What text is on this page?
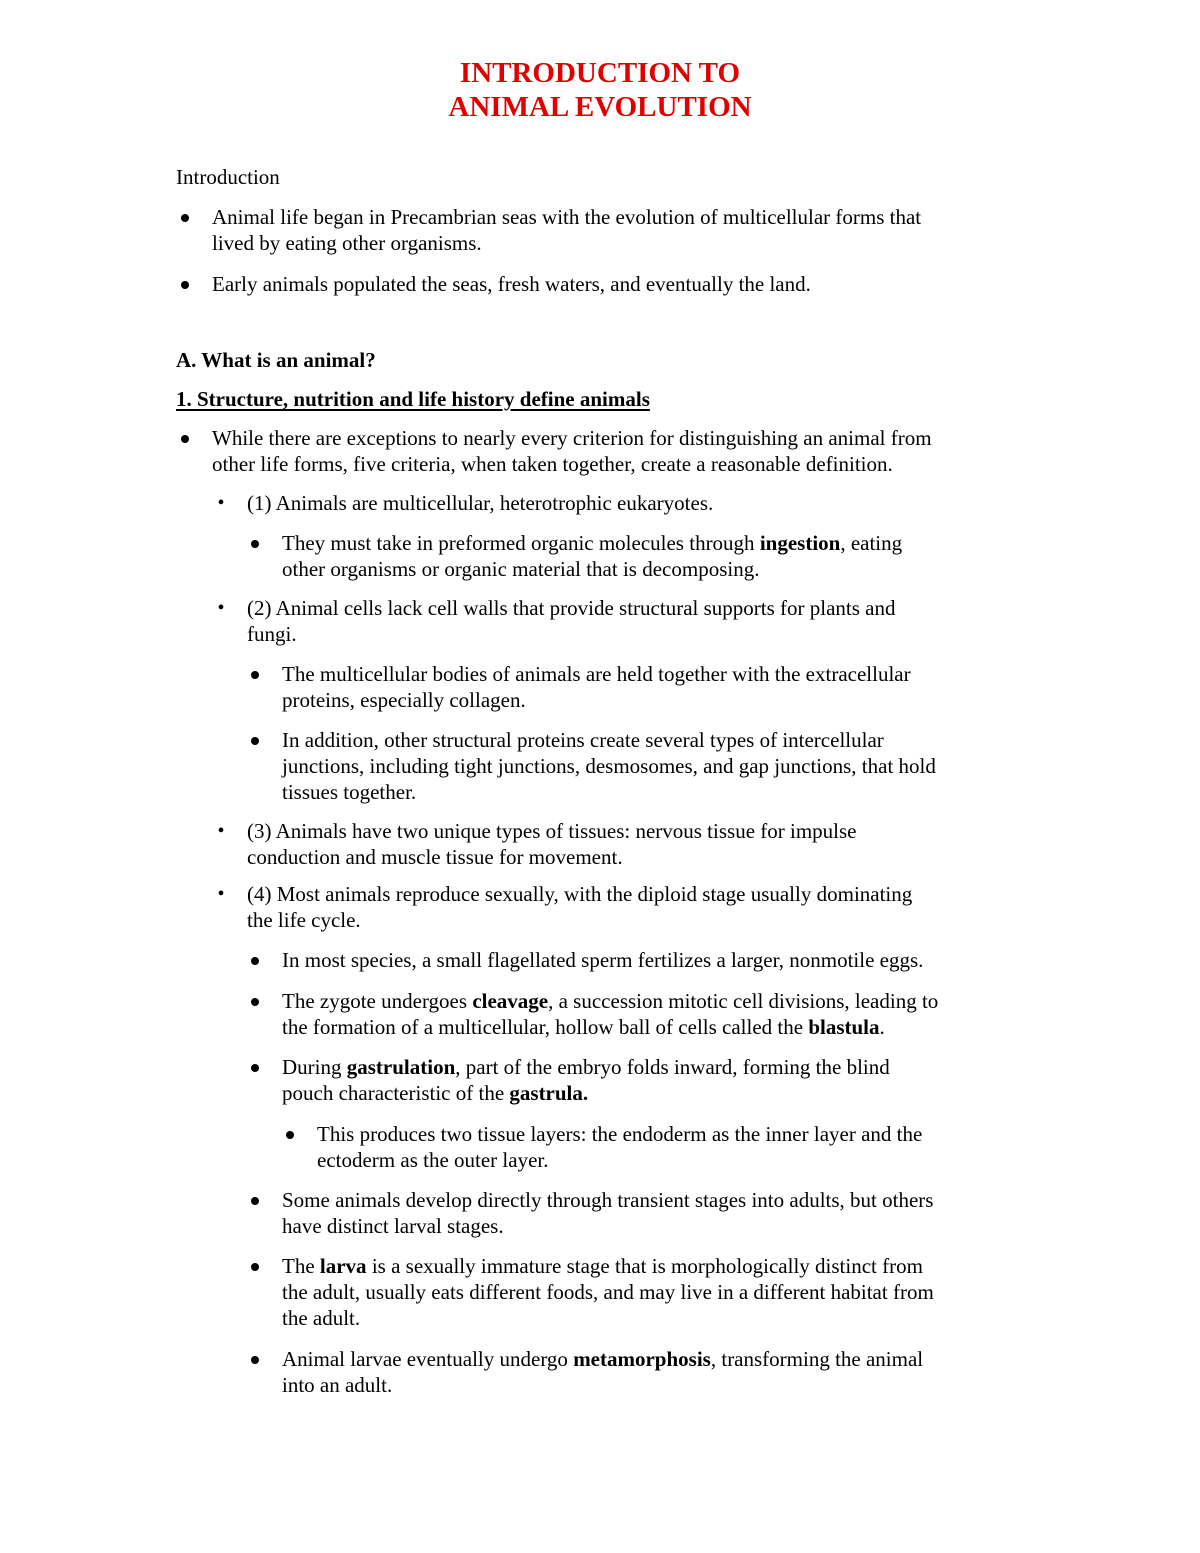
INTRODUCTION TO
ANIMAL EVOLUTION
Introduction
Animal life began in Precambrian seas with the evolution of multicellular forms that
lived by eating other organisms.
Early animals populated the seas, fresh waters, and eventually the land.
A. What is an animal?
1. Structure, nutrition and life history define animals
While there are exceptions to nearly every criterion for distinguishing an animal from
other life forms, five criteria, when taken together, create a reasonable definition.
•	(1) Animals are multicellular, heterotrophic eukaryotes.
They must take in preformed organic molecules through ingestion, eating
other organisms or organic material that is decomposing.
•	(2) Animal cells lack cell walls that provide structural supports for plants and
fungi.
The multicellular bodies of animals are held together with the extracellular
proteins, especially collagen.
In addition, other structural proteins create several types of intercellular
junctions, including tight junctions, desmosomes, and gap junctions, that hold
tissues together.
•	(3) Animals have two unique types of tissues: nervous tissue for impulse
conduction and muscle tissue for movement.
•	(4) Most animals reproduce sexually, with the diploid stage usually dominating
the life cycle.
In most species, a small flagellated sperm fertilizes a larger, nonmotile eggs.
The zygote undergoes cleavage, a succession mitotic cell divisions, leading to
the formation of a multicellular, hollow ball of cells called the blastula.
During gastrulation, part of the embryo folds inward, forming the blind
pouch characteristic of the gastrula.
This produces two tissue layers: the endoderm as the inner layer and the
ectoderm as the outer layer.
Some animals develop directly through transient stages into adults, but others
have distinct larval stages.
The larva is a sexually immature stage that is morphologically distinct from
the adult, usually eats different foods, and may live in a different habitat from
the adult.
Animal larvae eventually undergo metamorphosis, transforming the animal
into an adult.
